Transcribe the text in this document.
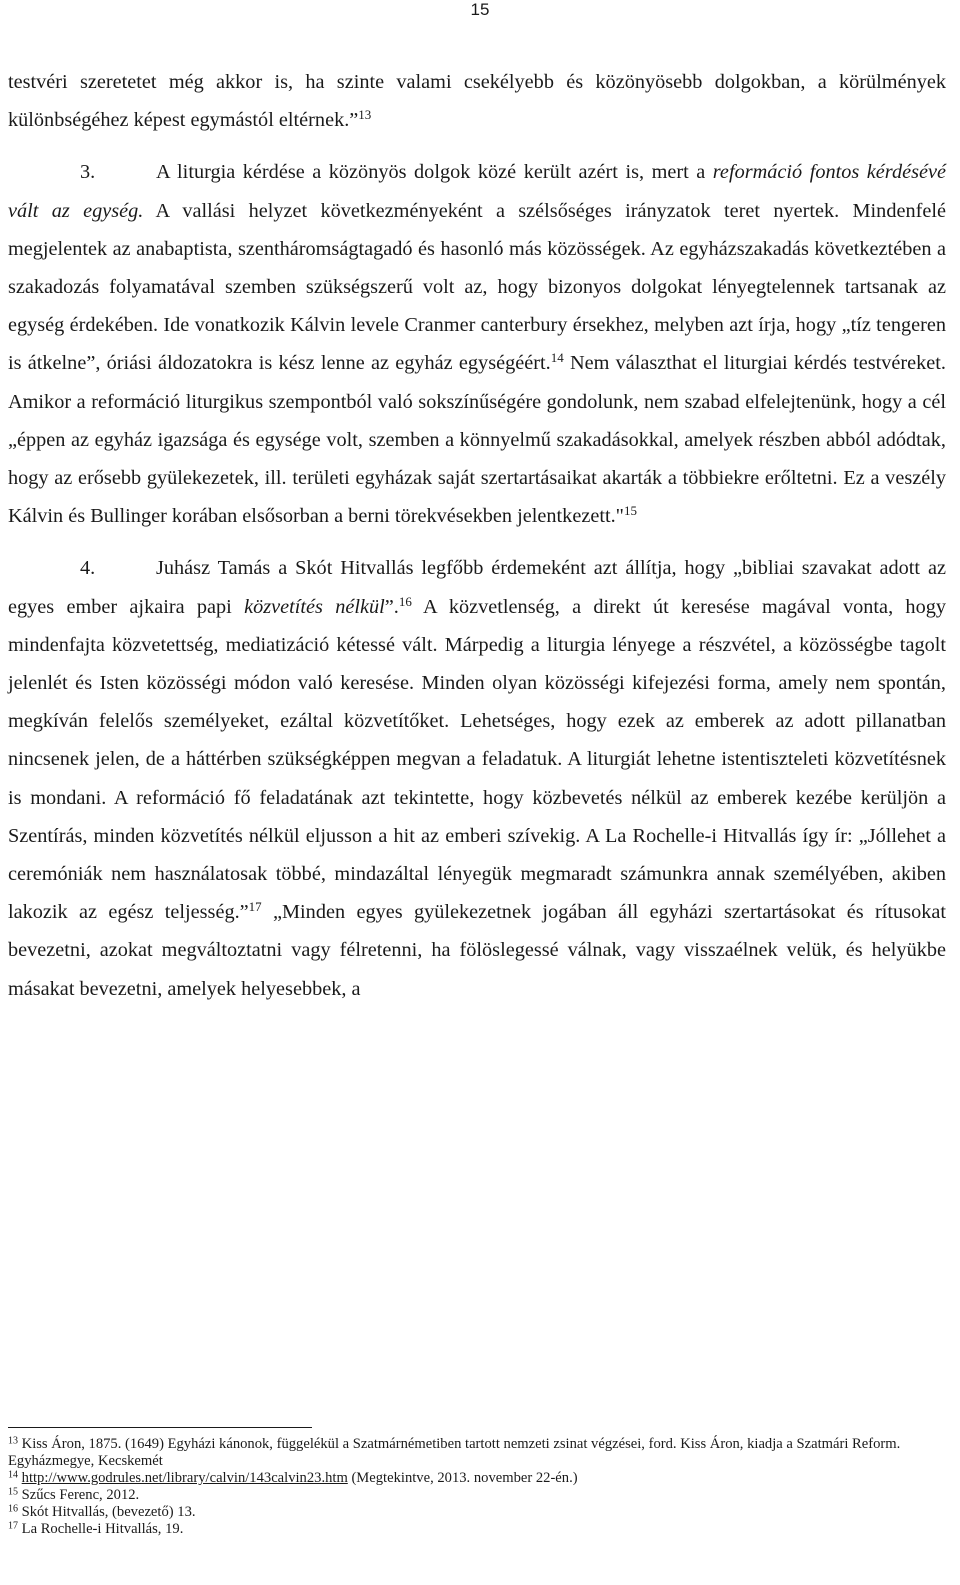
15

testvéri szeretetet még akkor is, ha szinte valami csekélyebb és közönyösebb dolgokban, a körülmények különbségéhez képest egymástól eltérnek.”$^{13}$

3.	A liturgia kérdése a közönyös dolgok közé került azért is, mert a reformáció fontos kérdésévé vált az egység. A vallási helyzet következményeként a szélsőséges irányzatok teret nyertek. Mindenfelé megjelentek az anabaptista, szentháromságtagadó és hasonló más közösségek. Az egyházszakadás következtében a szakadozás folyamatával szemben szükségszerű volt az, hogy bizonyos dolgokat lényegtelennek tartsanak az egység érdekében. Ide vonatkozik Kálvin levele Cranmer canterbury érsekhez, melyben azt írja, hogy „tíz tengeren is átkelne”, óriási áldozatokra is kész lenne az egyház egységéért.$^{14}$ Nem választhat el liturgiai kérdés testvéreket. Amikor a reformáció liturgikus szempontból való sokszínűségére gondolunk, nem szabad elfelejtenünk, hogy a cél „éppen az egyház igazsága és egysége volt, szemben a könnyelmű szakadásokkal, amelyek részben abból adódtak, hogy az erősebb gyülekezetek, ill. területi egyházak saját szertartásaikat akarták a többiekre erőltetni. Ez a veszély Kálvin és Bullinger korában elsősorban a berni törekvésekben jelentkezett."$^{15}$

4.	Juhász Tamás a Skót Hitvallás legfőbb érdemeként azt állítja, hogy „bibliai szavakat adott az egyes ember ajkaira papi közvetítés nélkül”.$^{16}$ A közvetlenség, a direkt út keresése magával vonta, hogy mindenfajta közvetettség, mediatizáció kétessé vált. Márpedig a liturgia lényege a részvétel, a közösségbe tagolt jelenlét és Isten közösségi módon való keresése. Minden olyan közösségi kifejezési forma, amely nem spontán, megkíván felelős személyeket, ezáltal közvetítőket. Lehetséges, hogy ezek az emberek az adott pillanatban nincsenek jelen, de a háttérben szükségképpen megvan a feladatuk. A liturgiát lehetne istentiszteleti közvetítésnek is mondani. A reformáció fő feladatának azt tekintette, hogy közbevetés nélkül az emberek kezébe kerüljön a Szentírás, minden közvetítés nélkül eljusson a hit az emberi szívekig. A La Rochelle-i Hitvallás így ír: „Jóllehet a ceremóniák nem használatosak többé, mindazáltal lényegük megmaradt számunkra annak személyében, akiben lakozik az egész teljesség.”$^{17}$ „Minden egyes gyülekezetnek jogában áll egyházi szertartásokat és rítusokat bevezetni, azokat megváltoztatni vagy félretenni, ha fölöslegessé válnak, vagy visszaélnek velük, és helyükbe másakat bevezetni, amelyek helyesebbek, a

$^{13}$ Kiss Áron, 1875. (1649) Egyházi kánonok, függelékül a Szatmárnémetiben tartott nemzeti zsinat végzései, ford. Kiss Áron, kiadja a Szatmári Reform. Egyházmegye, Kecskemét

$^{14}$ http://www.godrules.net/library/calvin/143calvin23.htm (Megtekintve, 2013. november 22-én.)

$^{15}$ Szűcs Ferenc, 2012.

$^{16}$ Skót Hitvallás, (bevezető) 13.

$^{17}$ La Rochelle-i Hitvallás, 19.
